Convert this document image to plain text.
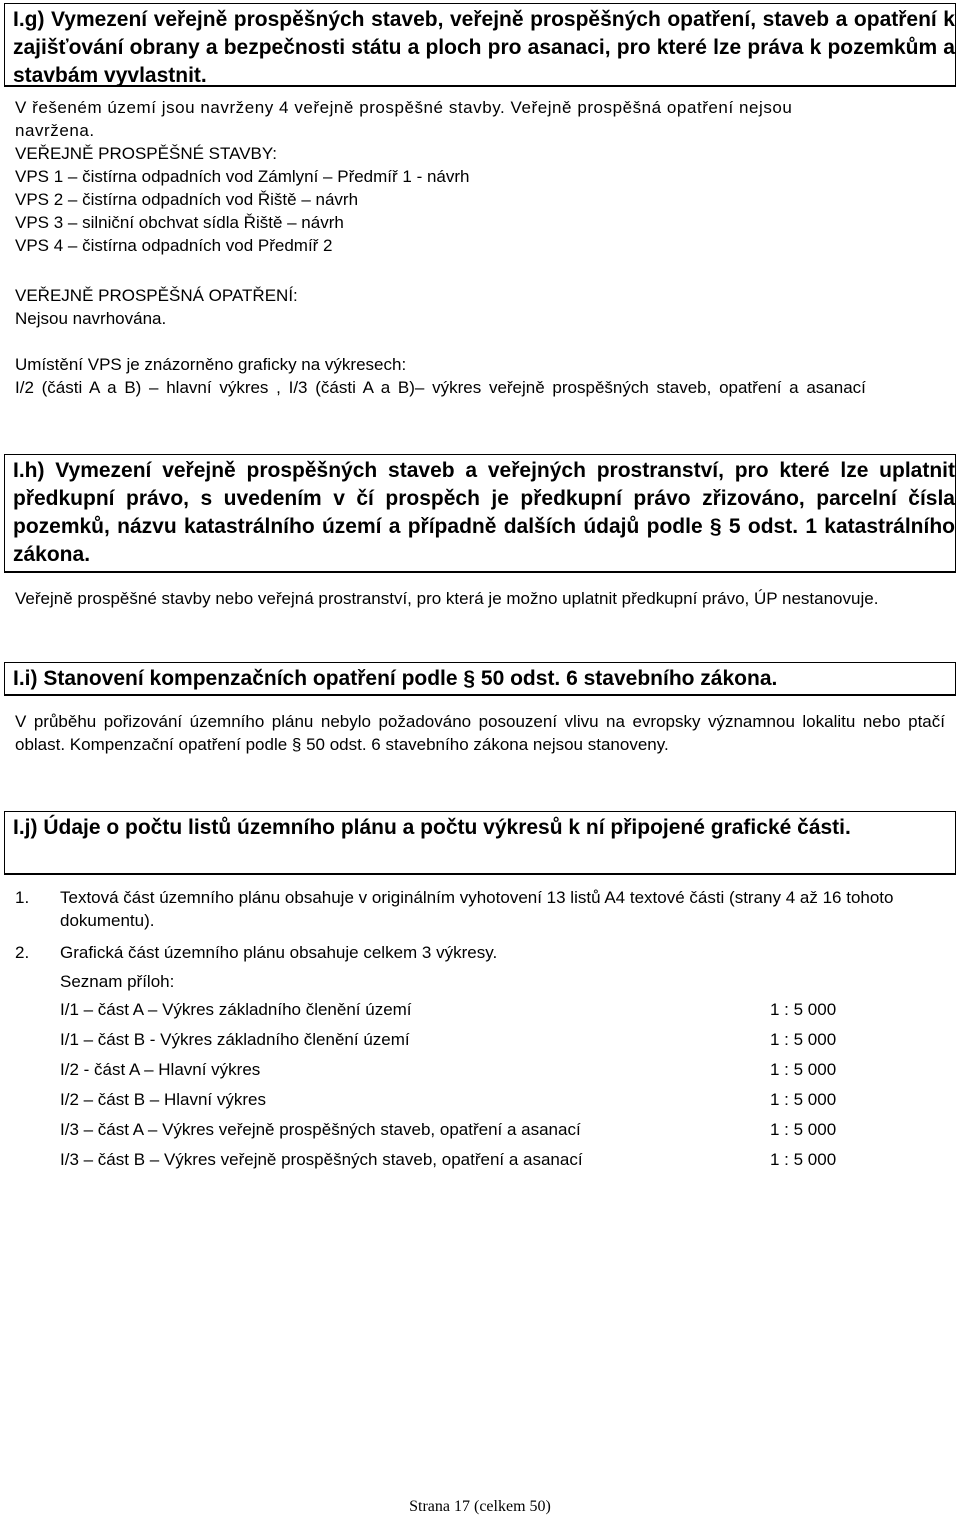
I.g) Vymezení veřejně prospěšných staveb, veřejně prospěšných opatření, staveb a opatření k zajišťování obrany a bezpečnosti státu a ploch pro asanaci, pro které lze práva k pozemkům a stavbám vyvlastnit.

V řešeném území jsou navrženy 4 veřejně prospěšné stavby. Veřejně prospěšná opatření nejsou
navržena.

VEŘEJNĚ PROSPĚŠNÉ STAVBY:
VPS 1 – čistírna odpadních vod Zámlyní – Předmíř 1 - návrh
VPS 2 – čistírna odpadních vod Řiště – návrh
VPS 3 – silniční obchvat sídla Řiště – návrh
VPS 4 – čistírna odpadních vod Předmíř 2
VEŘEJNĚ PROSPĚŠNÁ OPATŘENÍ:
Nejsou navrhována.
Umístění VPS je znázorněno graficky na výkresech:
I/2 (části A a B) – hlavní výkres , I/3 (části A a B)– výkres veřejně prospěšných staveb, opatření a asanací

I.h) Vymezení veřejně prospěšných staveb a veřejných prostranství, pro které lze uplatnit předkupní právo, s uvedením v čí prospěch je předkupní právo zřizováno, parcelní čísla pozemků, názvu katastrálního území a případně dalších údajů podle § 5 odst. 1 katastrálního zákona.

Veřejně prospěšné stavby nebo veřejná prostranství, pro která je možno uplatnit předkupní právo, ÚP nestanovuje.

I.i) Stanovení kompenzačních opatření podle § 50 odst. 6 stavebního zákona.

V průběhu pořizování územního plánu nebylo požadováno posouzení vlivu na evropsky významnou lokalitu nebo ptačí oblast. Kompenzační opatření podle § 50 odst. 6 stavebního zákona nejsou stanoveny.

I.j) Údaje o počtu listů územního plánu a počtu výkresů k ní připojené grafické části.

1. Textová část územního plánu obsahuje v originálním vyhotovení 13 listů A4 textové části (strany 4 až 16 tohoto dokumentu).
2. Grafická část územního plánu obsahuje celkem 3 výkresy.
Seznam příloh:
I/1 – část A – Výkres základního členění území	1 : 5 000
I/1 – část B - Výkres základního členění území	1 : 5 000
I/2 - část A – Hlavní výkres	1 : 5 000
I/2 – část B – Hlavní výkres	1 : 5 000
I/3 – část A – Výkres veřejně prospěšných staveb, opatření a asanací	1 : 5 000
I/3 – část B – Výkres veřejně prospěšných staveb, opatření a asanací	1 : 5 000
Strana 17 (celkem 50)
